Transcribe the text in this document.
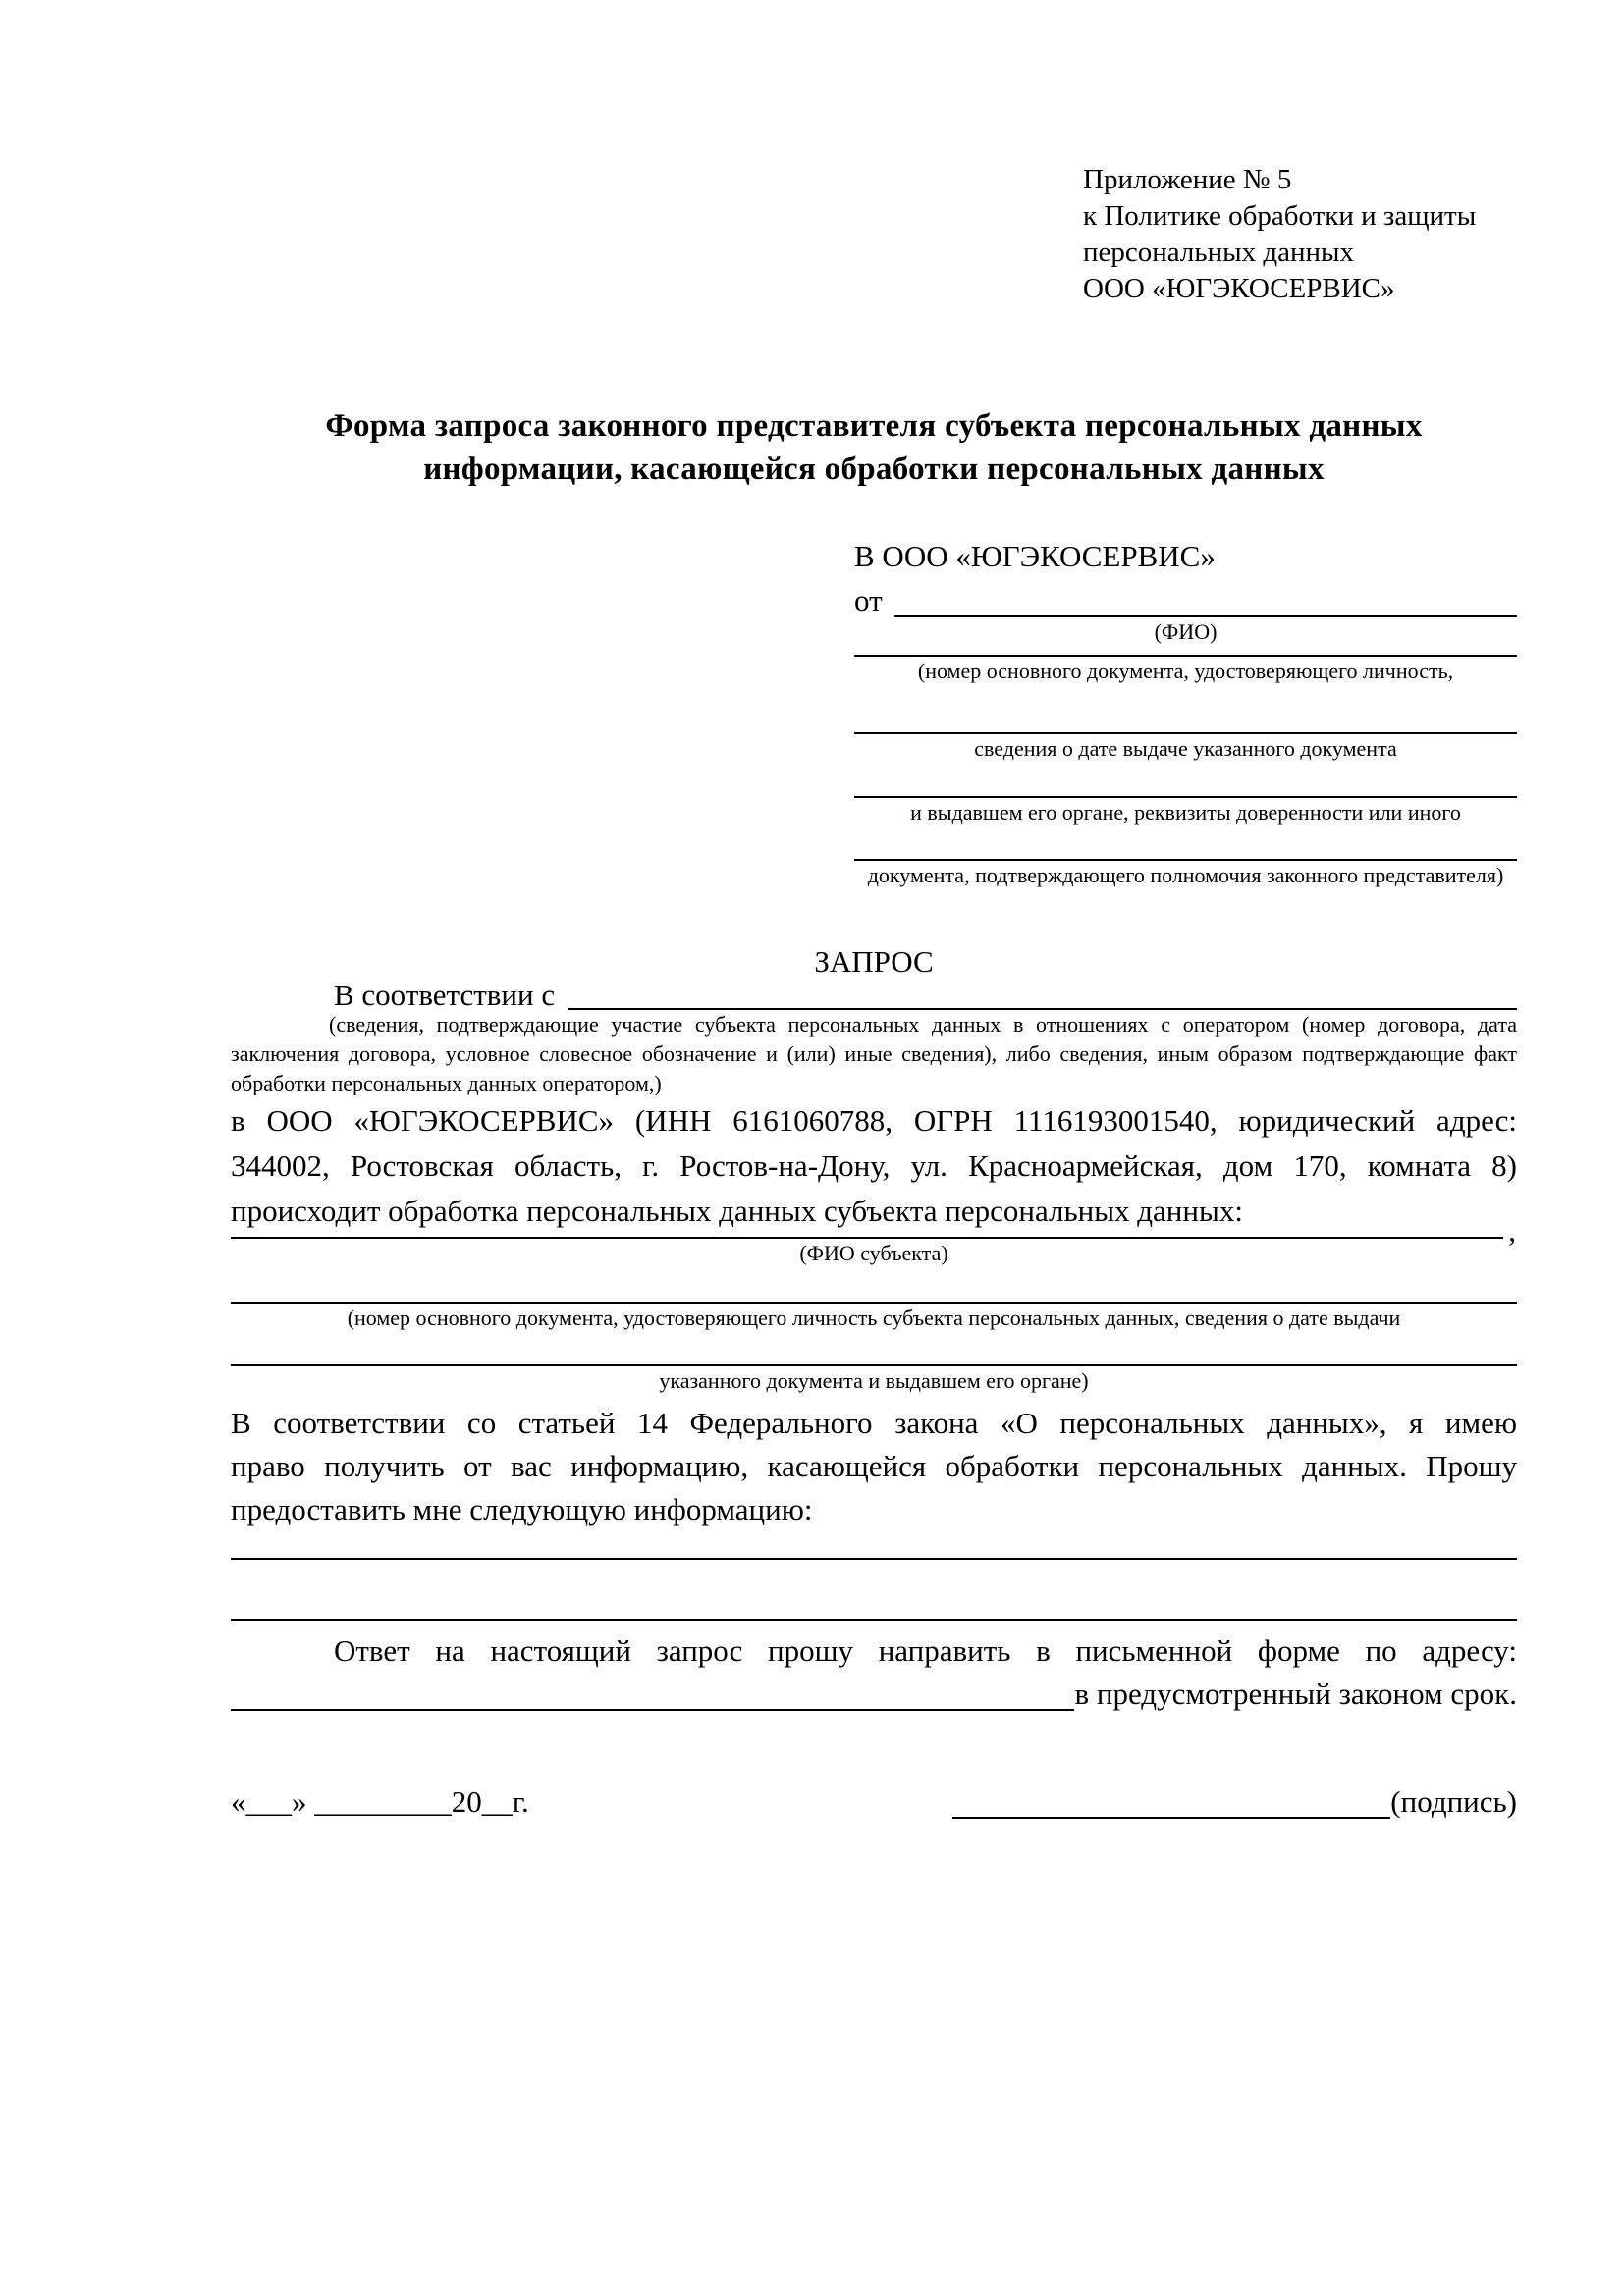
Приложение № 5
к Политике обработки и защиты
персональных данных
ООО «ЮГЭКОСЕРВИС»
Форма запроса законного представителя субъекта персональных данных
информации, касающейся обработки персональных данных
В ООО «ЮГЭКОСЕРВИС»
от
(ФИО)
(номер основного документа, удостоверяющего личность,
сведения о дате выдаче указанного документа
и выдавшем его органе, реквизиты доверенности или иного
документа, подтверждающего полномочия законного представителя)
ЗАПРОС
В соответствии с
(сведения, подтверждающие участие субъекта персональных данных в отношениях с оператором (номер договора, дата
заключения договора, условное словесное обозначение и (или) иные сведения), либо сведения, иным образом подтверждающие факт
обработки персональных данных оператором,)
в ООО «ЮГЭКОСЕРВИС» (ИНН 6161060788, ОГРН 1116193001540, юридический адрес:
344002, Ростовская область, г. Ростов-на-Дону, ул. Красноармейская, дом 170, комната 8)
происходит обработка персональных данных субъекта персональных данных:
,
(ФИО субъекта)
(номер основного документа, удостоверяющего личность субъекта персональных данных, сведения о дате выдачи
указанного документа и выдавшем его органе)
В соответствии со статьей 14 Федерального закона «О персональных данных», я имею
право получить от вас информацию, касающейся обработки персональных данных. Прошу
предоставить мне следующую информацию:
Ответ на настоящий запрос прошу направить в письменной форме по адресу:
в предусмотренный законом срок.
«___» _________20__г.	(подпись)
